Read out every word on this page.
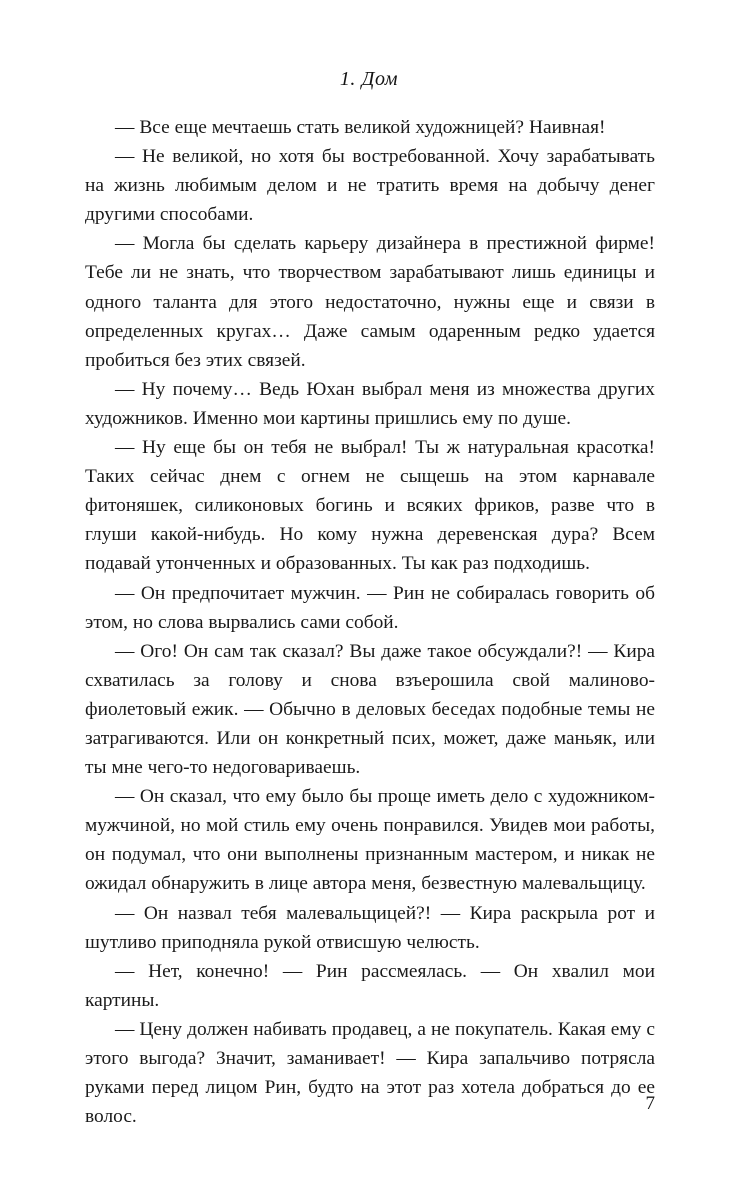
1. Дом

— Все еще мечтаешь стать великой художницей? Наивная!

— Не великой, но хотя бы востребованной. Хочу зарабатывать на жизнь любимым делом и не тратить время на добычу денег другими способами.

— Могла бы сделать карьеру дизайнера в престижной фирме! Тебе ли не знать, что творчеством зарабатывают лишь единицы и одного таланта для этого недостаточно, нужны еще и связи в определенных кругах… Даже самым одаренным редко удается пробиться без этих связей.

— Ну почему… Ведь Юхан выбрал меня из множества других художников. Именно мои картины пришлись ему по душе.

— Ну еще бы он тебя не выбрал! Ты ж натуральная красотка! Таких сейчас днем с огнем не сыщешь на этом карнавале фитоняшек, силиконовых богинь и всяких фриков, разве что в глуши какой-нибудь. Но кому нужна деревенская дура? Всем подавай утонченных и образованных. Ты как раз подходишь.

— Он предпочитает мужчин. — Рин не собиралась говорить об этом, но слова вырвались сами собой.

— Ого! Он сам так сказал? Вы даже такое обсуждали?! — Кира схватилась за голову и снова взъерошила свой малиново-фиолетовый ежик. — Обычно в деловых беседах подобные темы не затрагиваются. Или он конкретный псих, может, даже маньяк, или ты мне чего-то недоговариваешь.

— Он сказал, что ему было бы проще иметь дело с художником-мужчиной, но мой стиль ему очень понравился. Увидев мои работы, он подумал, что они выполнены признанным мастером, и никак не ожидал обнаружить в лице автора меня, безвестную малевальщицу.

— Он назвал тебя малевальщицей?! — Кира раскрыла рот и шутливо приподняла рукой отвисшую челюсть.

— Нет, конечно! — Рин рассмеялась. — Он хвалил мои картины.

— Цену должен набивать продавец, а не покупатель. Какая ему с этого выгода? Значит, заманивает! — Кира запальчиво потрясла руками перед лицом Рин, будто на этот раз хотела добраться до ее волос.

7
